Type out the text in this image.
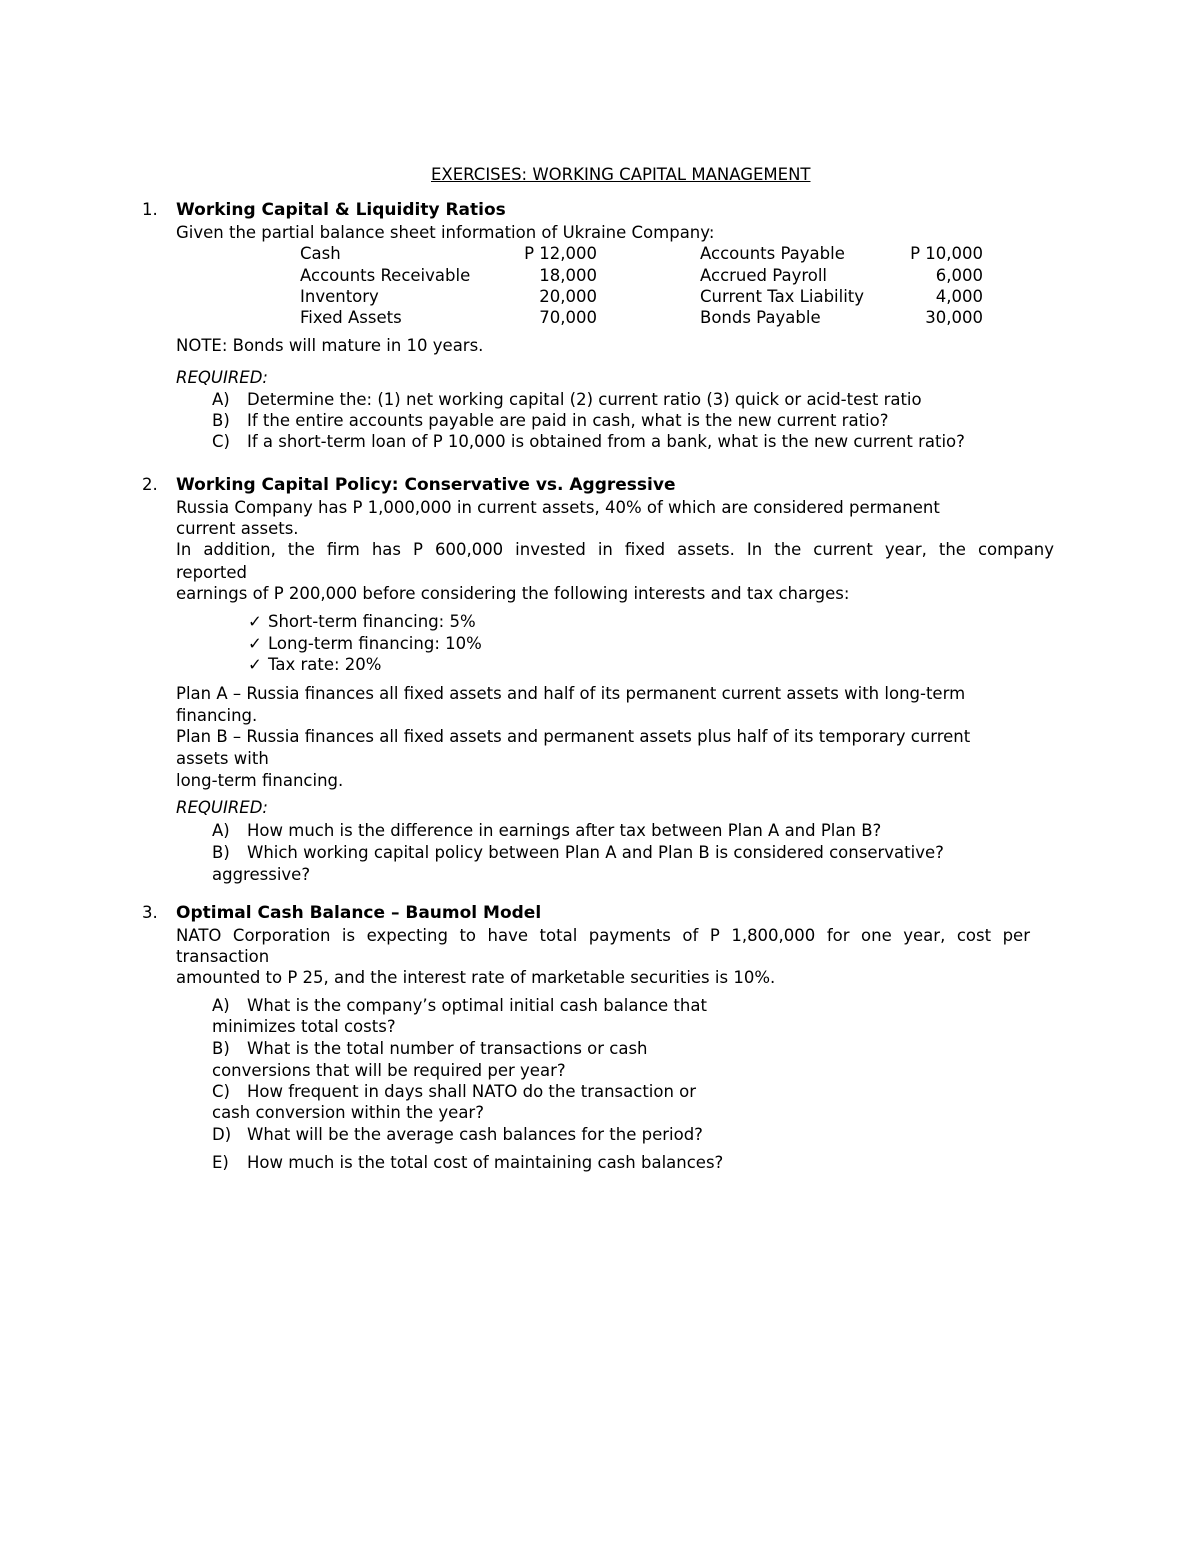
EXERCISES: WORKING CAPITAL MANAGEMENT
1. Working Capital & Liquidity Ratios
Given the partial balance sheet information of Ukraine Company:
Cash	P 12,000	Accounts Payable	P 10,000
Accounts Receivable	18,000	Accrued Payroll	6,000
Inventory	20,000	Current Tax Liability	4,000
Fixed Assets	70,000	Bonds Payable	30,000
NOTE: Bonds will mature in 10 years.
REQUIRED:
A) Determine the: (1) net working capital (2) current ratio (3) quick or acid-test ratio
B) If the entire accounts payable are paid in cash, what is the new current ratio?
C) If a short-term loan of P 10,000 is obtained from a bank, what is the new current ratio?
2. Working Capital Policy: Conservative vs. Aggressive
Russia Company has P 1,000,000 in current assets, 40% of which are considered permanent
current assets.
In addition, the firm has P 600,000 invested in fixed assets. In the current year, the company
reported
earnings of P 200,000 before considering the following interests and tax charges:
✓ Short-term financing: 5%
✓ Long-term financing: 10%
✓ Tax rate: 20%
Plan A – Russia finances all fixed assets and half of its permanent current assets with long-term
financing.
Plan B – Russia finances all fixed assets and permanent assets plus half of its temporary current
assets with
long-term financing.
REQUIRED:
A) How much is the difference in earnings after tax between Plan A and Plan B?
B) Which working capital policy between Plan A and Plan B is considered conservative?
aggressive?
3. Optimal Cash Balance – Baumol Model
NATO Corporation is expecting to have total payments of P 1,800,000 for one year, cost per
transaction
amounted to P 25, and the interest rate of marketable securities is 10%.
A) What is the company’s optimal initial cash balance that
minimizes total costs?
B) What is the total number of transactions or cash
conversions that will be required per year?
C) How frequent in days shall NATO do the transaction or
cash conversion within the year?
D) What will be the average cash balances for the period?
E) How much is the total cost of maintaining cash balances?
